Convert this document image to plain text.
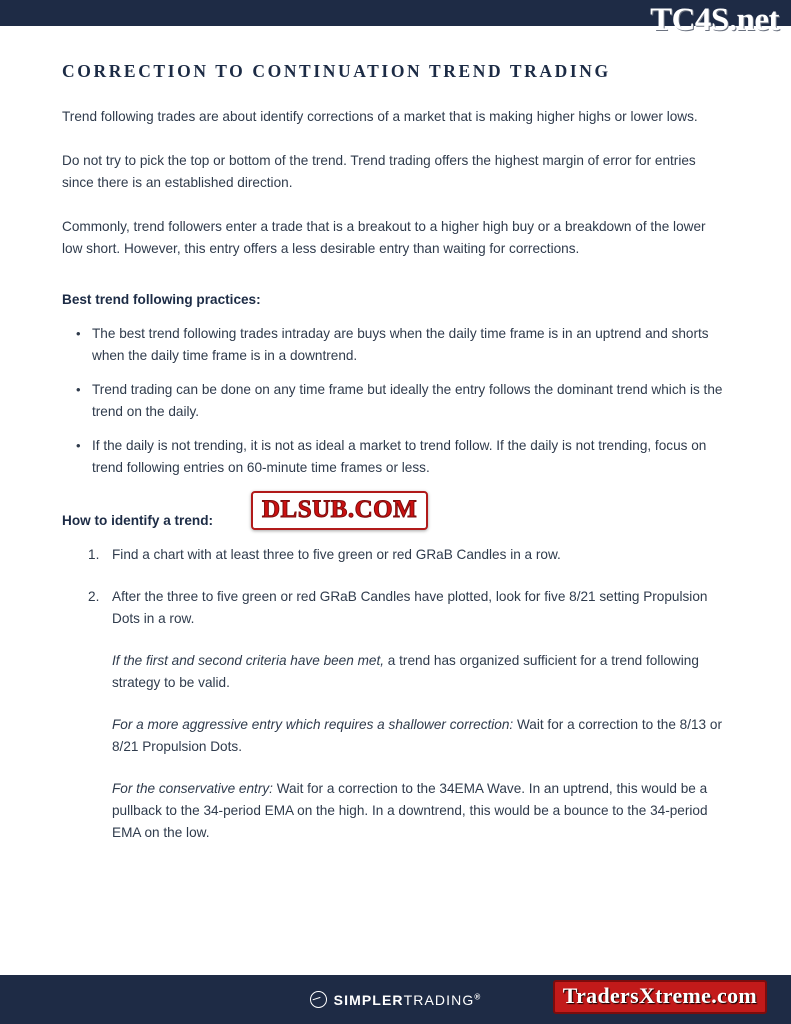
TC4S.net
CORRECTION TO CONTINUATION TREND TRADING

Trend following trades are about identify corrections of a market that is making higher highs or lower lows.

Do not try to pick the top or bottom of the trend. Trend trading offers the highest margin of error for entries since there is an established direction.

Commonly, trend followers enter a trade that is a breakout to a higher high buy or a breakdown of the lower low short. However, this entry offers a less desirable entry than waiting for corrections.

Best trend following practices:
• The best trend following trades intraday are buys when the daily time frame is in an uptrend and shorts when the daily time frame is in a downtrend.
• Trend trading can be done on any time frame but ideally the entry follows the dominant trend which is the trend on the daily.
• If the daily is not trending, it is not as ideal a market to trend follow. If the daily is not trending, focus on trend following entries on 60-minute time frames or less.
How to identify a trend:
Find a chart with at least three to five green or red GRaB Candles in a row.
After the three to five green or red GRaB Candles have plotted, look for five 8/21 setting Propulsion Dots in a row.

If the first and second criteria have been met, a trend has organized sufficient for a trend following strategy to be valid.

For a more aggressive entry which requires a shallower correction: Wait for a correction to the 8/13 or 8/21 Propulsion Dots.

For the conservative entry: Wait for a correction to the 34EMA Wave. In an uptrend, this would be a pullback to the 34-period EMA on the high. In a downtrend, this would be a bounce to the 34-period EMA on the low.

DLSUB.COM
SIMPLERTRADING®	TradersXtreme.com
